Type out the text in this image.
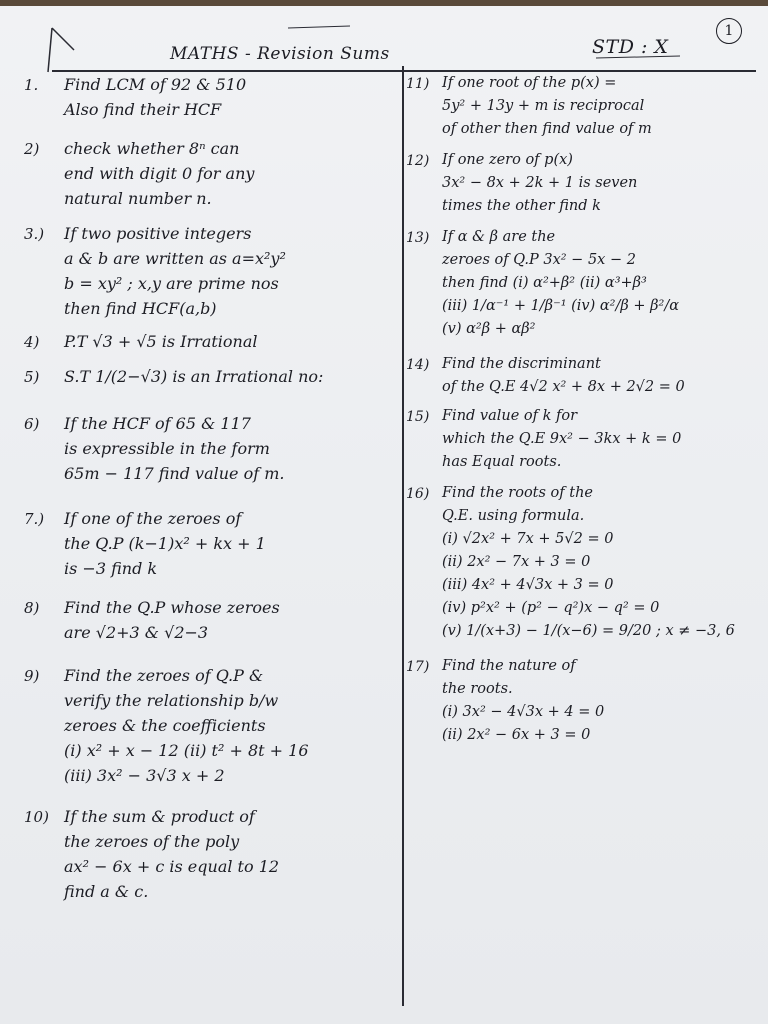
MATHS - Revision Sums	STD : X
1
1.	Find LCM of 92 & 510
Also find their HCF
2)	check whether 8ⁿ can
end with digit 0 for any
natural number n.
3.)	If two positive integers
a & b are written as a=x²y²
b = xy² ; x,y are prime nos
then find HCF(a,b)
4)	P.T √3 + √5 is Irrational
5)	S.T 1/(2−√3) is an Irrational no:
6)	If the HCF of 65 & 117
is expressible in the form
65m − 117 find value of m.
7.)	If one of the zeroes of
the Q.P (k−1)x² + kx + 1
is −3 find k
8)	Find the Q.P whose zeroes
are √2+3 & √2−3
9)	Find the zeroes of Q.P &
verify the relationship b/w
zeroes & the coefficients
(i) x² + x − 12 (ii) t² + 8t + 16
(iii) 3x² − 3√3 x + 2
10) If the sum & product of
the zeroes of the poly
ax² − 6x + c is equal to 12
find a & c.
11) If one root of the p(x) =
5y² + 13y + m is reciprocal
of other then find value of m
12) If one zero of p(x)
3x² − 8x + 2k + 1 is seven
times the other find k
13) If α & β are the
zeroes of Q.P 3x² − 5x − 2
then find (i) α²+β² (ii) α³+β³
(iii) 1/α⁻¹ + 1/β⁻¹ (iv) α²/β + β²/α
(v) α²β + αβ²
14) Find the discriminant
of the Q.E 4√2 x² + 8x + 2√2 = 0
15) Find value of k for
which the Q.E 9x² − 3kx + k = 0
has Equal roots.
16) Find the roots of the
Q.E. using formula.
(i) √2x² + 7x + 5√2 = 0
(ii) 2x² − 7x + 3 = 0
(iii) 4x² + 4√3x + 3 = 0
(iv) p²x² + (p² − q²)x − q² = 0
(v) 1/(x+3) − 1/(x−6) = 9/20 ; x ≠ −3, 6
17) Find the nature of
the roots.
(i) 3x² − 4√3x + 4 = 0
(ii) 2x² − 6x + 3 = 0
